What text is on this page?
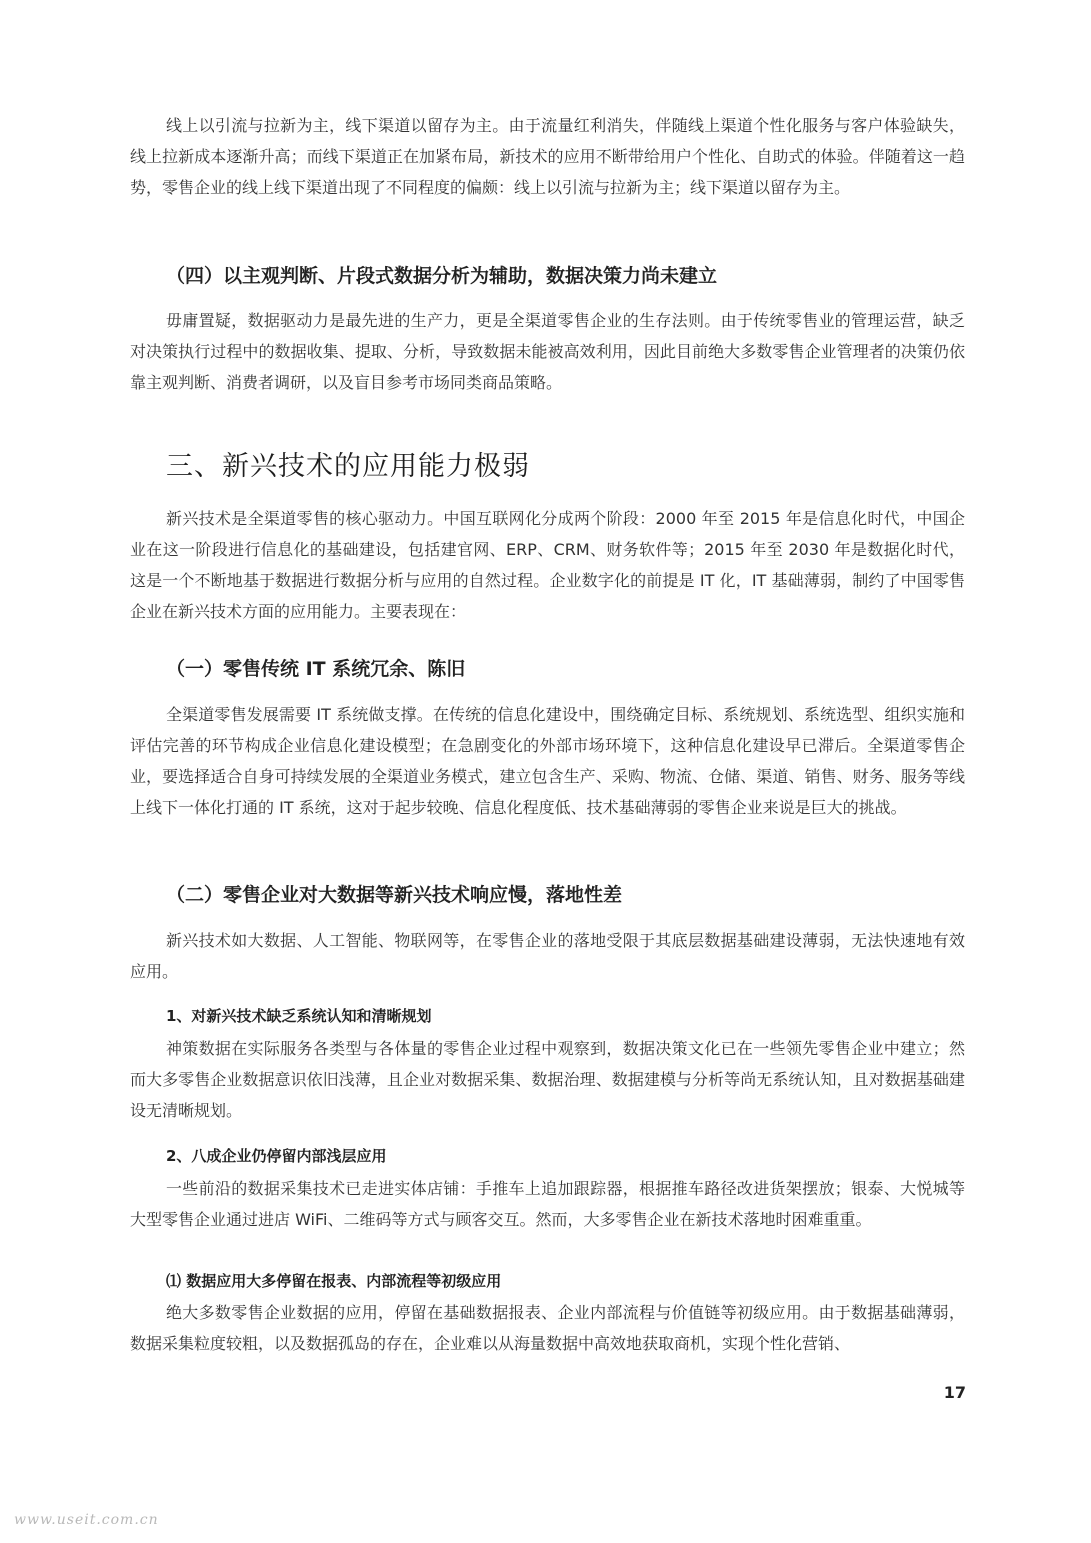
线上以引流与拉新为主，线下渠道以留存为主。由于流量红利消失，伴随线上渠道个性化服务与客户体验缺失，线上拉新成本逐渐升高；而线下渠道正在加紧布局，新技术的应用不断带给用户个性化、自助式的体验。伴随着这一趋势，零售企业的线上线下渠道出现了不同程度的偏颇：线上以引流与拉新为主；线下渠道以留存为主。

（四）以主观判断、片段式数据分析为辅助，数据决策力尚未建立

毋庸置疑，数据驱动力是最先进的生产力，更是全渠道零售企业的生存法则。由于传统零售业的管理运营，缺乏对决策执行过程中的数据收集、提取、分析，导致数据未能被高效利用，因此目前绝大多数零售企业管理者的决策仍依靠主观判断、消费者调研，以及盲目参考市场同类商品策略。

三、新兴技术的应用能力极弱

新兴技术是全渠道零售的核心驱动力。中国互联网化分成两个阶段：2000 年至 2015 年是信息化时代，中国企业在这一阶段进行信息化的基础建设，包括建官网、ERP、CRM、财务软件等；2015 年至 2030 年是数据化时代，这是一个不断地基于数据进行数据分析与应用的自然过程。企业数字化的前提是 IT 化，IT 基础薄弱，制约了中国零售企业在新兴技术方面的应用能力。主要表现在：

（一）零售传统 IT 系统冗余、陈旧

全渠道零售发展需要 IT 系统做支撑。在传统的信息化建设中，围绕确定目标、系统规划、系统选型、组织实施和评估完善的环节构成企业信息化建设模型；在急剧变化的外部市场环境下，这种信息化建设早已滞后。全渠道零售企业，要选择适合自身可持续发展的全渠道业务模式，建立包含生产、采购、物流、仓储、渠道、销售、财务、服务等线上线下一体化打通的 IT 系统，这对于起步较晚、信息化程度低、技术基础薄弱的零售企业来说是巨大的挑战。

（二）零售企业对大数据等新兴技术响应慢，落地性差

新兴技术如大数据、人工智能、物联网等，在零售企业的落地受限于其底层数据基础建设薄弱，无法快速地有效应用。

1、对新兴技术缺乏系统认知和清晰规划

神策数据在实际服务各类型与各体量的零售企业过程中观察到，数据决策文化已在一些领先零售企业中建立；然而大多零售企业数据意识依旧浅薄，且企业对数据采集、数据治理、数据建模与分析等尚无系统认知，且对数据基础建设无清晰规划。

2、八成企业仍停留内部浅层应用

一些前沿的数据采集技术已走进实体店铺：手推车上追加跟踪器，根据推车路径改进货架摆放；银泰、大悦城等大型零售企业通过进店 WiFi、二维码等方式与顾客交互。然而，大多零售企业在新技术落地时困难重重。

⑴ 数据应用大多停留在报表、内部流程等初级应用

绝大多数零售企业数据的应用，停留在基础数据报表、企业内部流程与价值链等初级应用。由于数据基础薄弱，数据采集粒度较粗，以及数据孤岛的存在，企业难以从海量数据中高效地获取商机，实现个性化营销、

17
www.useit.com.cn
